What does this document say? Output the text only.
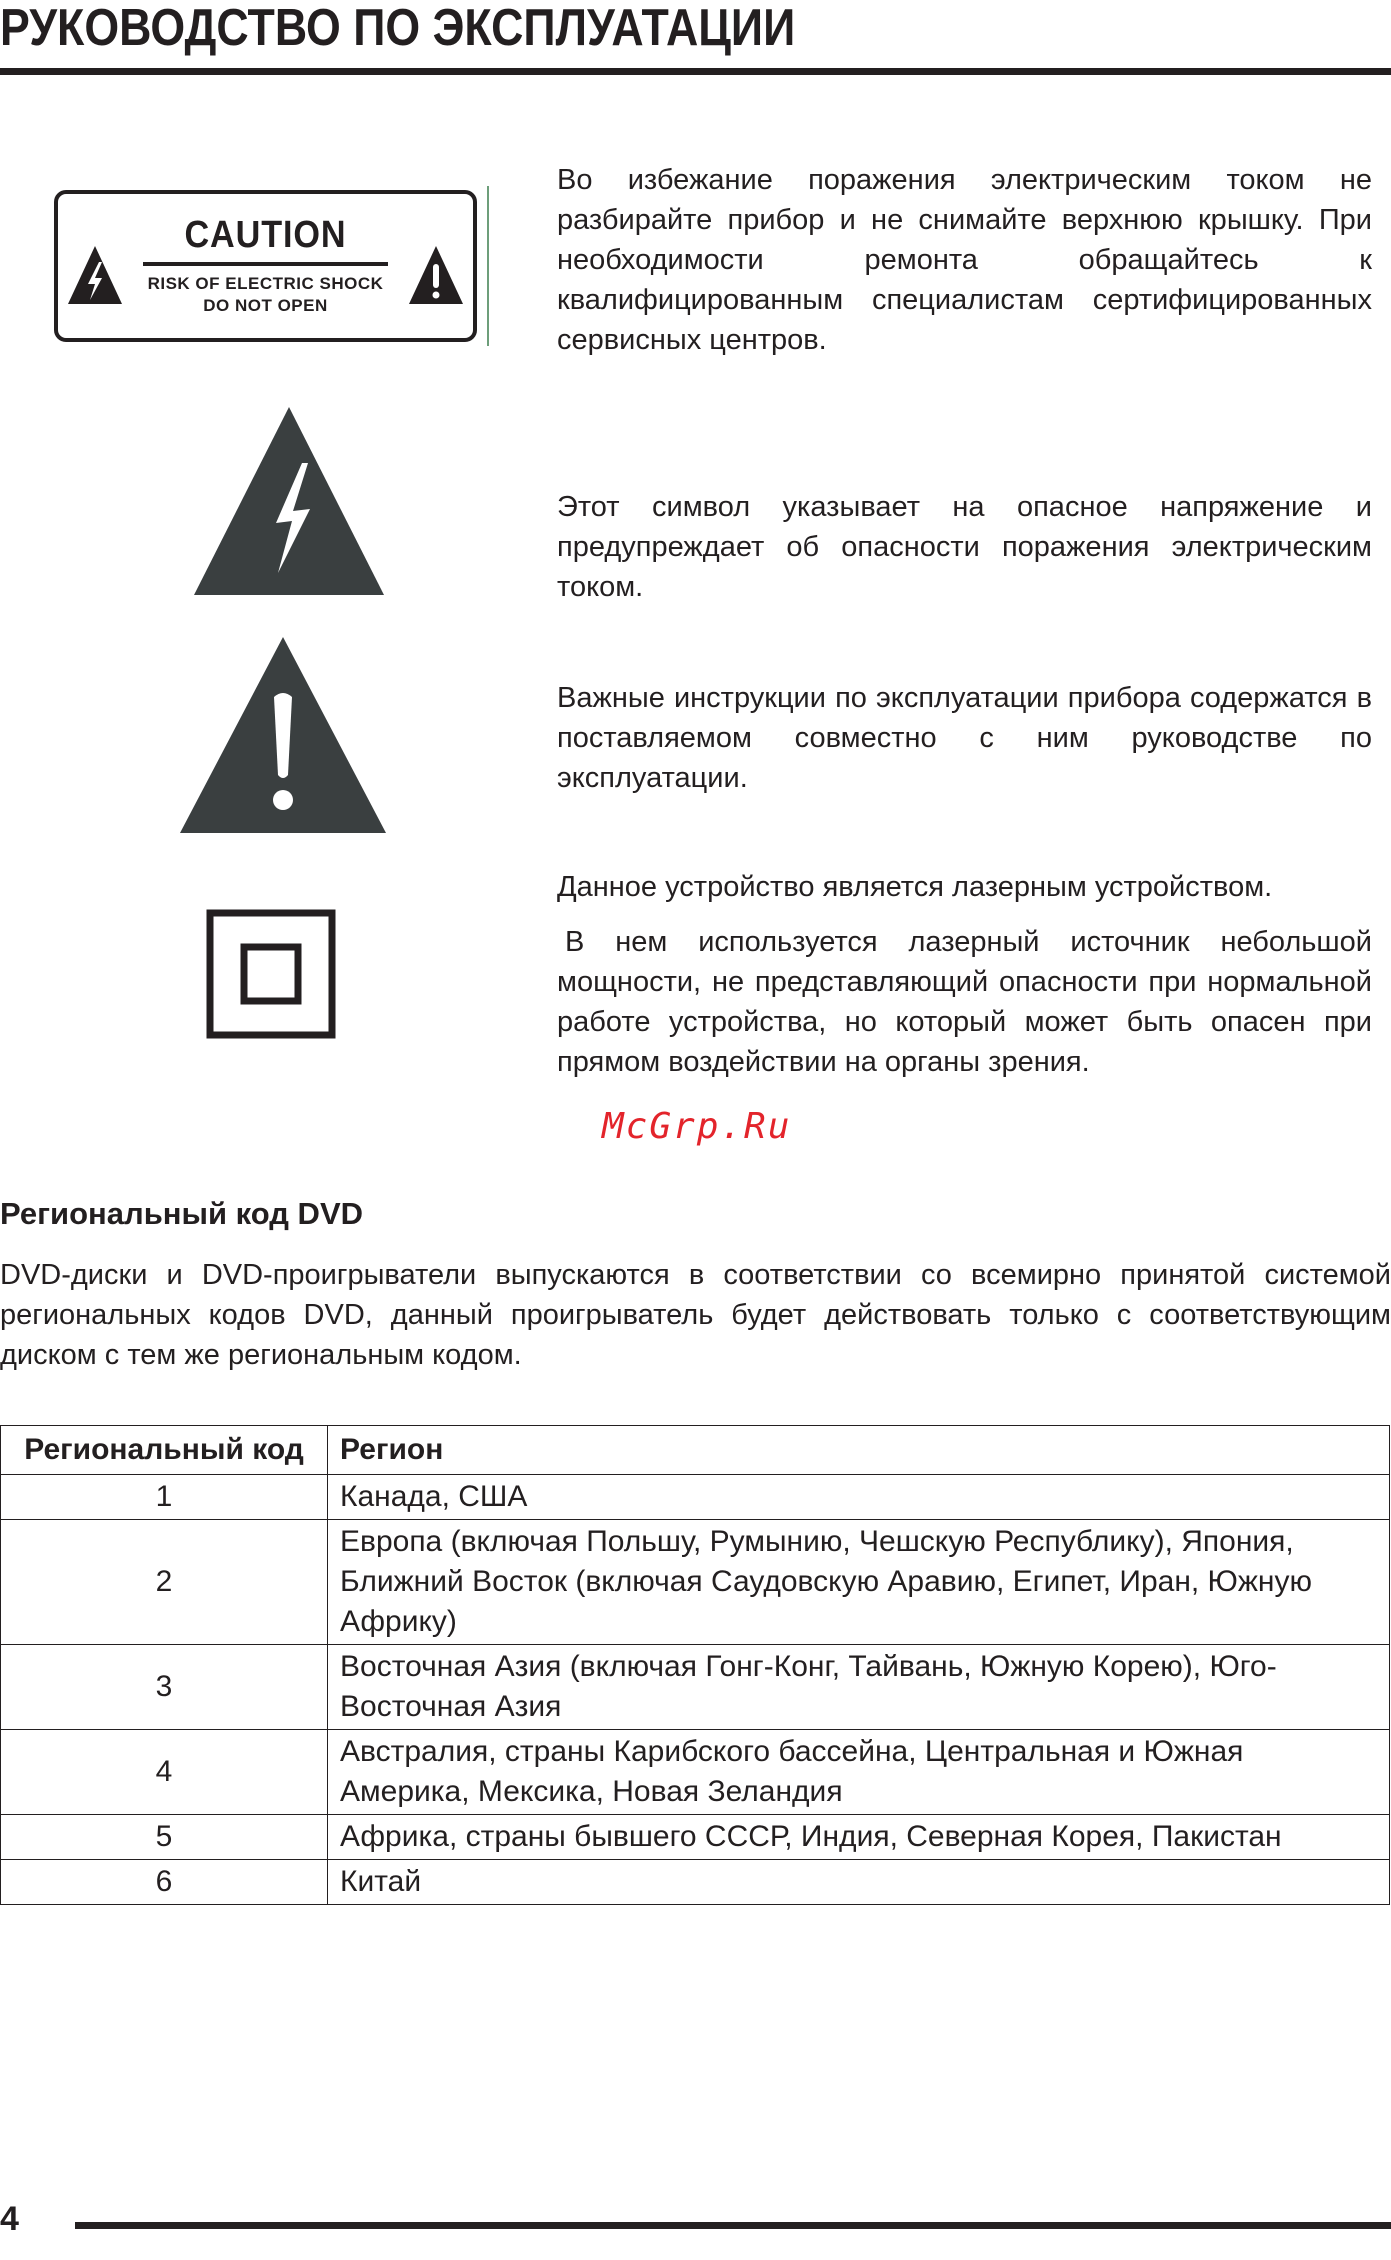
РУКОВОДСТВО ПО ЭКСПЛУАТАЦИИ
CAUTION
RISK OF ELECTRIC SHOCK
DO NOT OPEN
Во избежание поражения электрическим током не разбирайте прибор и не снимайте верхнюю крышку. При необходимости ремонта обращайтесь к квалифицированным специалистам сертифицированных сервисных центров.
Этот символ указывает на опасное напряжение и предупреждает об опасности поражения электрическим током.
Важные инструкции по эксплуатации прибора содержатся в поставляемом совместно с ним руководстве по эксплуатации.
Данное устройство является лазерным устройством.
В нем используется лазерный источник небольшой мощности, не представляющий опасности при нормальной работе устройства, но который может быть опасен при прямом воздействии на органы зрения.
McGrp.Ru
Региональный код DVD
DVD-диски и DVD-проигрыватели выпускаются в соответствии со всемирно принятой системой региональных кодов DVD, данный проигрыватель будет действовать только с соответствующим диском с тем же региональным кодом.
Региональный код	Регион
1	Канада, США
2	Европа (включая Польшу, Румынию, Чешскую Республику), Япония, Ближний Восток (включая Саудовскую Аравию, Египет, Иран, Южную Африку)
3	Восточная Азия (включая Гонг-Конг, Тайвань, Южную Корею), Юго-Восточная Азия
4	Австралия, страны Карибского бассейна, Центральная и Южная Америка, Мексика, Новая Зеландия
5	Африка, страны бывшего СССР, Индия, Северная Корея, Пакистан
6	Китай
4
